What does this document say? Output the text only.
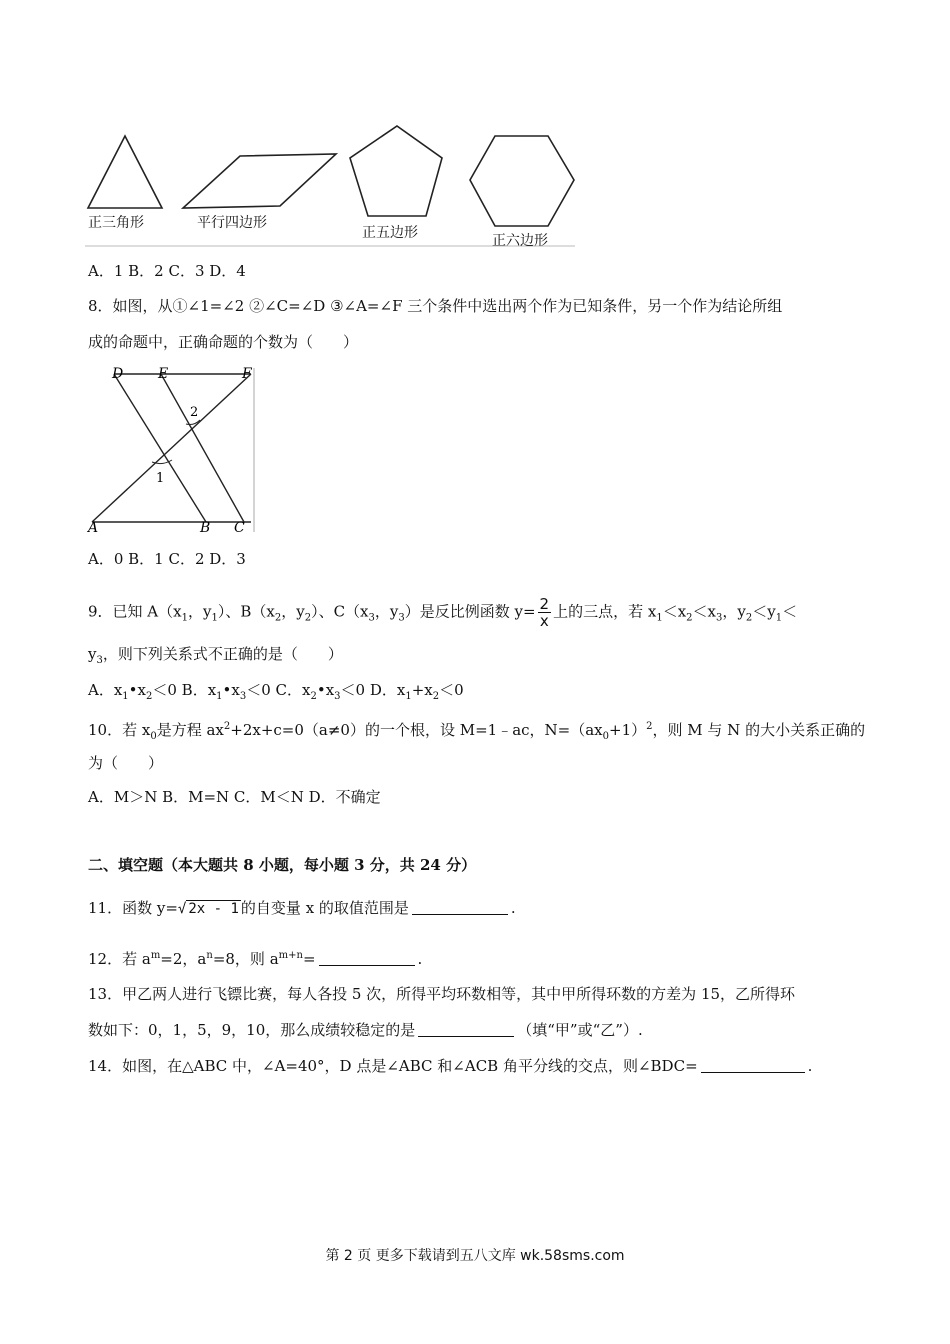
正三角形	平行四边形
正五边形	正六边形
A．1 B．2 C．3 D．4
8．如图，从①∠1=∠2 ②∠C=∠D ③∠A=∠F 三个条件中选出两个作为已知条件，另一个作为结论所组
成的命题中，正确命题的个数为（　　）
D E	F
A	B C
1
2
A．0 B．1 C．2 D．3
9．已知 $A(x_1$，$y_1$）、$B(x_2$，$y_2$）、$C(x_3$，$y_3$）是反比例函数 $y= \frac{2}{x}$ 上的三点，若 $x_1<x_2<x_3$，$y_2<y_1<$
$y_3$，则下列关系式不正确的是（　　）
A．$x_1•x_2<0$ B．$x_1•x_3<0$ C．$x_2•x_3<0$ D．$x_1+x_2<0$
10．若 $x_0$是方程 $ax^2+2x+c=0(a\ne 0)$的一个根，设 M=1﹣ac，$N=(ax_0+1)^2$，则 M 与 N 的大小关系正确的
为（　　）
A．M＞N B．M=N C．M＜N D．不确定
二、填空题（本大题共 8 小题，每小题 3 分，共 24 分）
11．函数 y=√ 2x - 1 的自变量 x 的取值范围是	.
12．若 $a^m=2$，$a^n=8$，则 $a^{m+n}=$	.
13．甲乙两人进行飞镖比赛，每人各投 5 次，所得平均环数相等，其中甲所得环数的方差为 15，乙所得环
数如下：0，1，5，9，10，那么成绩较稳定的是	（填“甲”或“乙”）.
14．如图，在△ABC 中，∠A=40°，D 点是∠ABC 和∠ACB 角平分线的交点，则∠BDC=	.
第 2 页 更多下载请到五八文库 wk.58sms.com
